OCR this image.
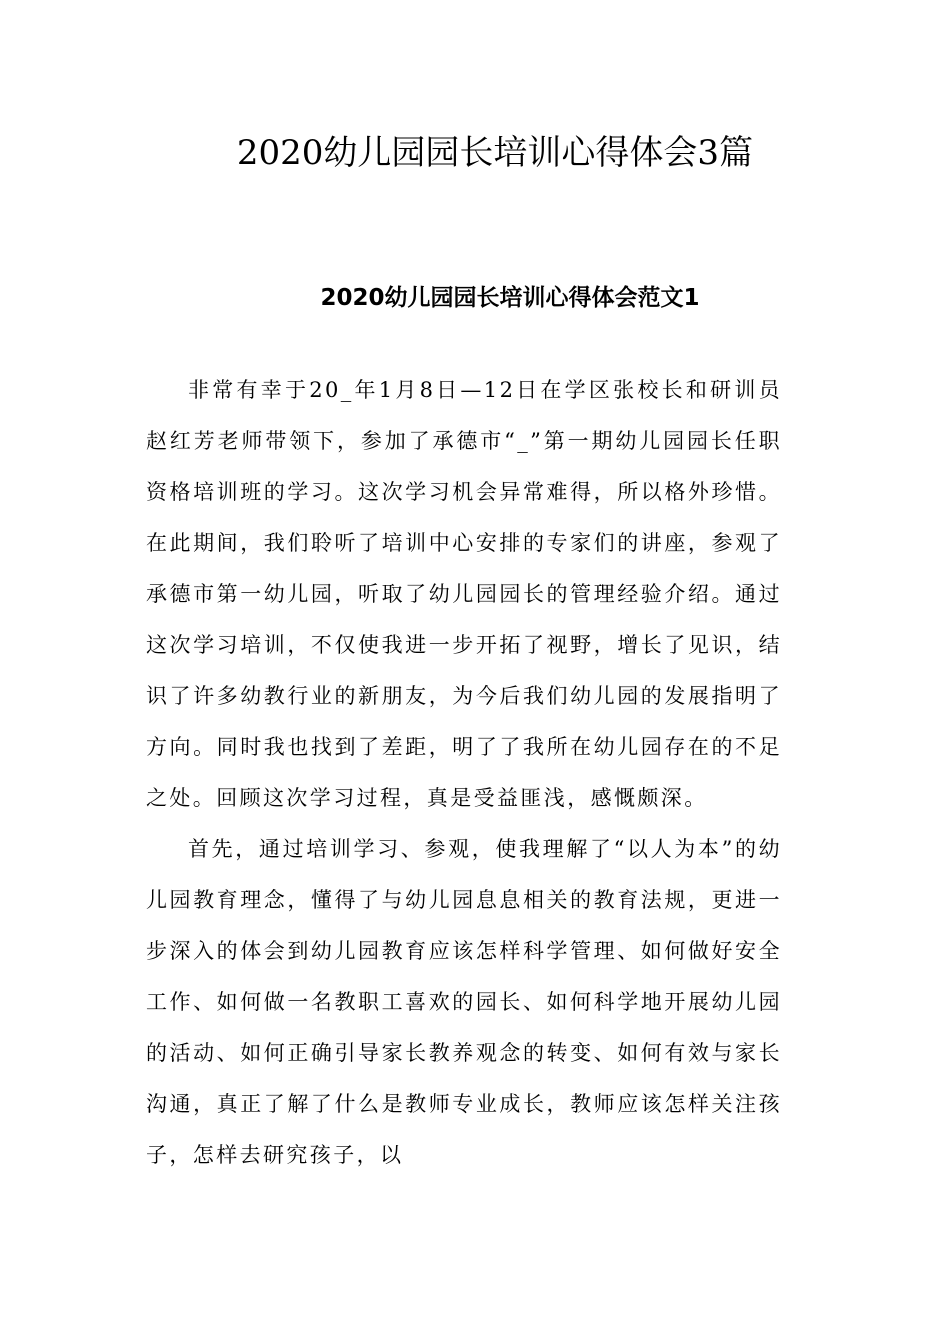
2020幼儿园园长培训心得体会3篇
2020幼儿园园长培训心得体会范文1

非常有幸于20_年1月8日—12日在学区张校长和研训员赵红芳老师带领下，参加了承德市“_”第一期幼儿园园长任职资格培训班的学习。这次学习机会异常难得，所以格外珍惜。在此期间，我们聆听了培训中心安排的专家们的讲座，参观了承德市第一幼儿园，听取了幼儿园园长的管理经验介绍。通过这次学习培训，不仅使我进一步开拓了视野，增长了见识，结识了许多幼教行业的新朋友，为今后我们幼儿园的发展指明了方向。同时我也找到了差距，明了了我所在幼儿园存在的不足之处。回顾这次学习过程，真是受益匪浅，感慨颇深。

首先，通过培训学习、参观，使我理解了“以人为本”的幼儿园教育理念，懂得了与幼儿园息息相关的教育法规，更进一步深入的体会到幼儿园教育应该怎样科学管理、如何做好安全工作、如何做一名教职工喜欢的园长、如何科学地开展幼儿园的活动、如何正确引导家长教养观念的转变、如何有效与家长沟通，真正了解了什么是教师专业成长，教师应该怎样关注孩子，怎样去研究孩子，以
